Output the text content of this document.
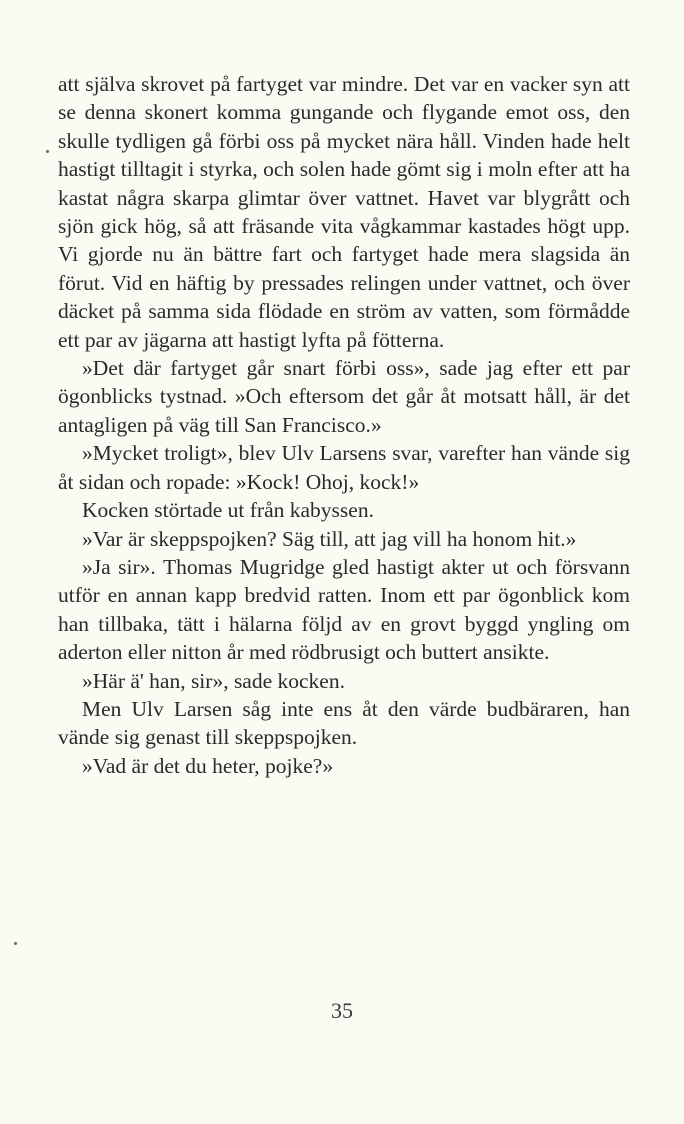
att själva skrovet på fartyget var mindre. Det var en vacker syn att se denna skonert komma gungande och flygande emot oss, den skulle tydligen gå förbi oss på mycket nära håll. Vinden hade helt hastigt tilltagit i styrka, och solen hade gömt sig i moln efter att ha kastat några skarpa glimtar över vattnet. Havet var blygrått och sjön gick hög, så att fräsande vita vågkammar kastades högt upp. Vi gjorde nu än bättre fart och fartyget hade mera slagsida än förut. Vid en häftig by pressades relingen under vattnet, och över däcket på samma sida flödade en ström av vatten, som förmådde ett par av jägarna att hastigt lyfta på fötterna.

»Det där fartyget går snart förbi oss», sade jag efter ett par ögonblicks tystnad. »Och eftersom det går åt motsatt håll, är det antagligen på väg till San Francisco.»

»Mycket troligt», blev Ulv Larsens svar, varefter han vände sig åt sidan och ropade: »Kock! Ohoj, kock!»

Kocken störtade ut från kabyssen.

»Var är skeppspojken? Säg till, att jag vill ha honom hit.»

»Ja sir». Thomas Mugridge gled hastigt akter ut och försvann utför en annan kapp bredvid ratten. Inom ett par ögonblick kom han tillbaka, tätt i hälarna följd av en grovt byggd yngling om aderton eller nitton år med rödbrusigt och buttert ansikte.

»Här ä' han, sir», sade kocken.

Men Ulv Larsen såg inte ens åt den värde budbäraren, han vände sig genast till skeppspojken.

»Vad är det du heter, pojke?»

35
